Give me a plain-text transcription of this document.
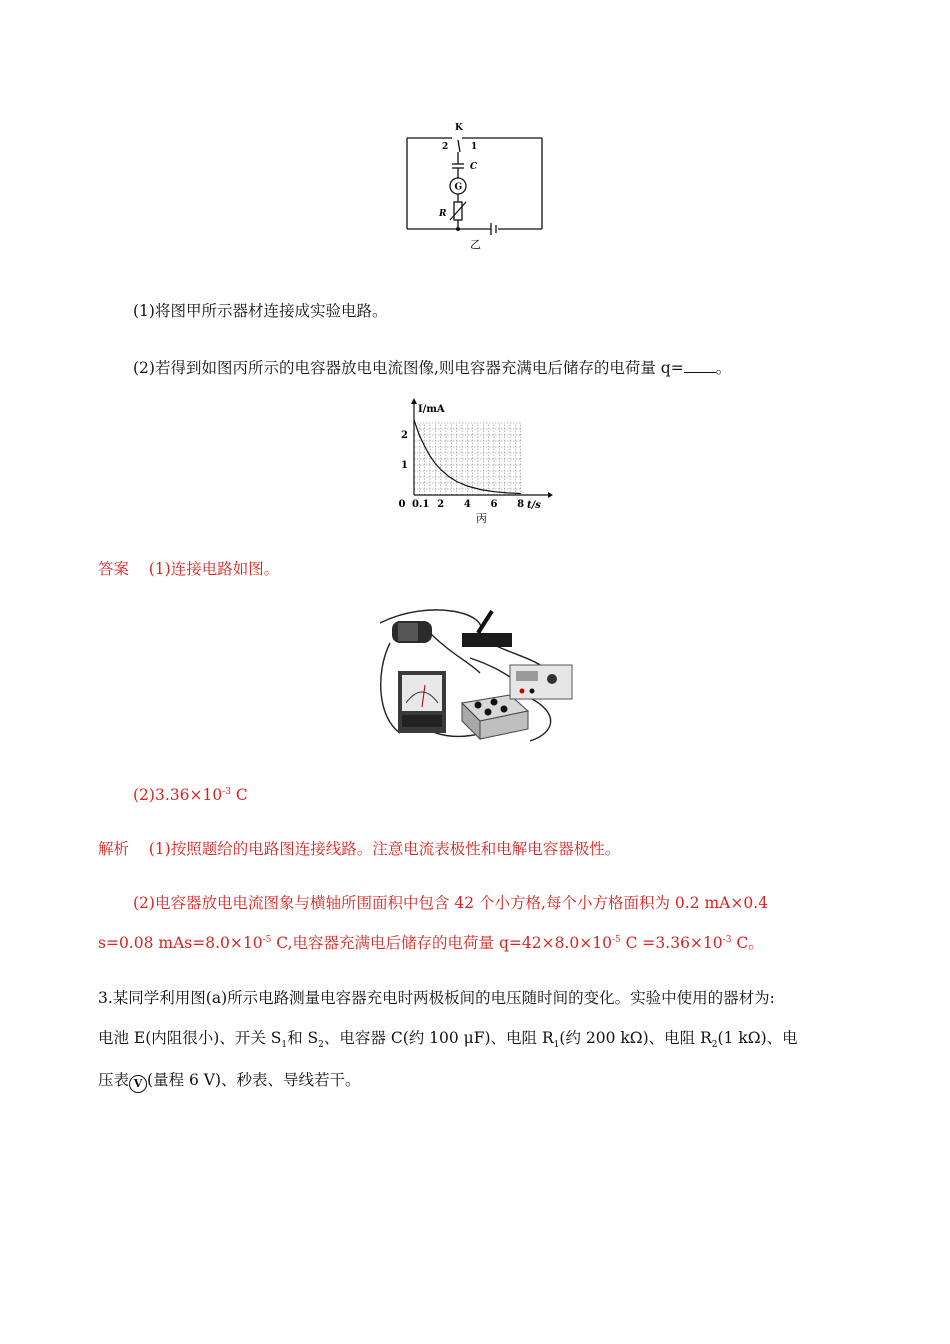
K
2	1
C
G
R
乙
(1)将图甲所示器材连接成实验电路。
(2)若得到如图丙所示的电容器放电电流图像,则电容器充满电后储存的电荷量 q= 。
0 0.1 2 4 6 8
1
2
I/mA
t/s
丙
答案 (1)连接电路如图。
$(2)3.36\times 10^{-3}$ C
解析 (1)按照题给的电路图连接线路。注意电流表极性和电解电容器极性。
(2)电容器放电电流图象与横轴所围面积中包含 42 个小方格,每个小方格面积为 0.2 mA×0.4
s=0.08 $mAs=8.0\times 10^{-5}$ C,电容器充满电后储存的电荷量 $q=42\times 8.0\times 10^{-5}$ $C =3.36\times 10^{-3}$ C。
3.某同学利用图(a)所示电路测量电容器充电时两极板间的电压随时间的变化。实验中使用的器材为:
电池 E(内阻很小)、开关 $S_1$和 $S_2$、电容器 C(约 100 μF)、电阻 $R_1$(约 200 kΩ)、电阻 $R_2(1$ kΩ)、电
压表 V (量程 6 V)、秒表、导线若干。
